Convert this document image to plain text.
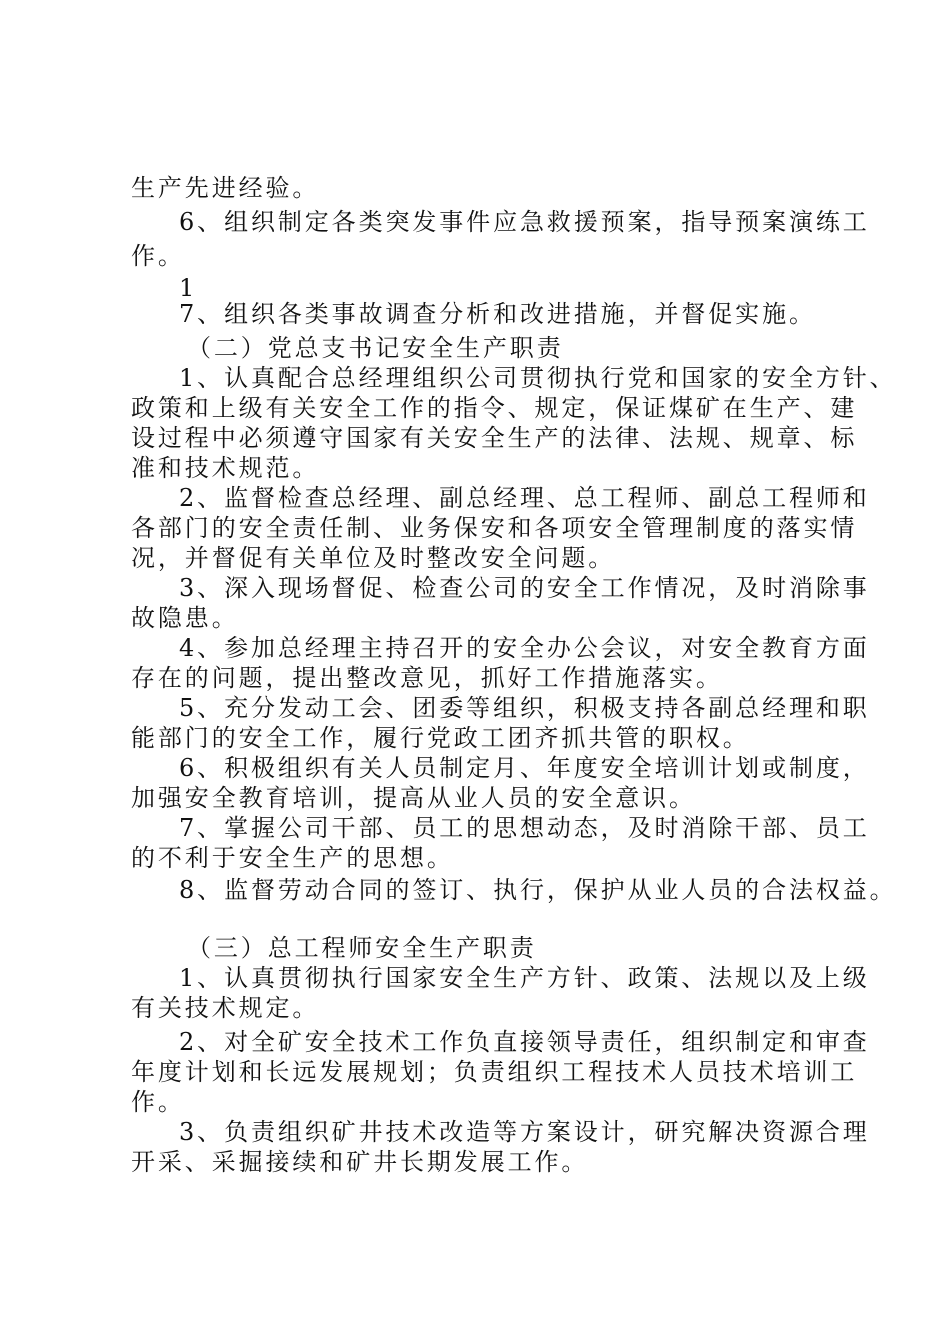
生产先进经验。
6、组织制定各类突发事件应急救援预案，指导预案演练工
作。
1
7、组织各类事故调查分析和改进措施，并督促实施。
（二）党总支书记安全生产职责
1、认真配合总经理组织公司贯彻执行党和国家的安全方针、
政策和上级有关安全工作的指令、规定，保证煤矿在生产、建
设过程中必须遵守国家有关安全生产的法律、法规、规章、标
准和技术规范。
2、监督检查总经理、副总经理、总工程师、副总工程师和
各部门的安全责任制、业务保安和各项安全管理制度的落实情
况，并督促有关单位及时整改安全问题。
3、深入现场督促、检查公司的安全工作情况，及时消除事
故隐患。
4、参加总经理主持召开的安全办公会议，对安全教育方面
存在的问题，提出整改意见，抓好工作措施落实。
5、充分发动工会、团委等组织，积极支持各副总经理和职
能部门的安全工作，履行党政工团齐抓共管的职权。
6、积极组织有关人员制定月、年度安全培训计划或制度，
加强安全教育培训，提高从业人员的安全意识。
7、掌握公司干部、员工的思想动态，及时消除干部、员工
的不利于安全生产的思想。
8、监督劳动合同的签订、执行，保护从业人员的合法权益。
（三）总工程师安全生产职责
1、认真贯彻执行国家安全生产方针、政策、法规以及上级
有关技术规定。
2、对全矿安全技术工作负直接领导责任，组织制定和审查
年度计划和长远发展规划；负责组织工程技术人员技术培训工
作。
3、负责组织矿井技术改造等方案设计，研究解决资源合理
开采、采掘接续和矿井长期发展工作。
